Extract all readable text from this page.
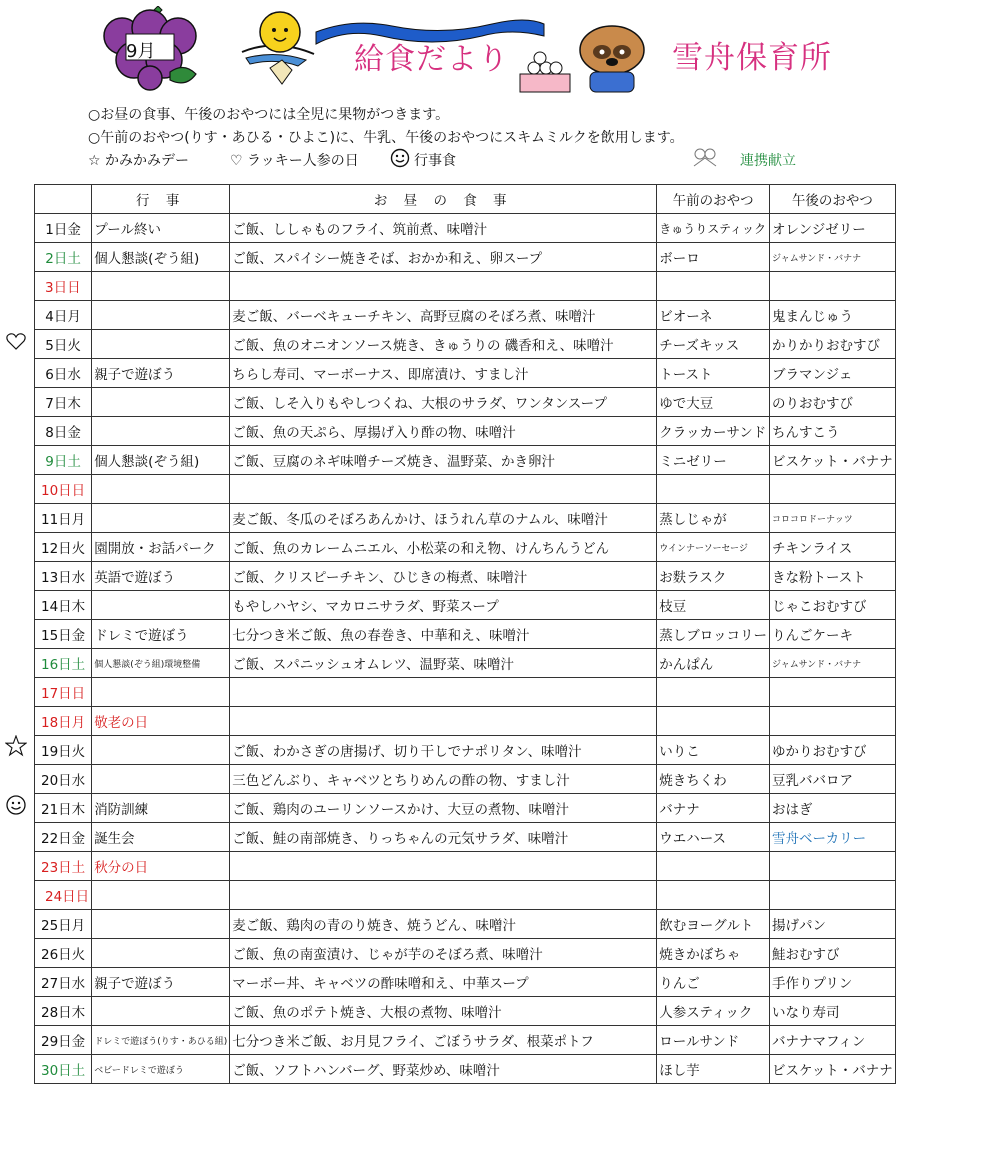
9月	給食だより	雪舟保育所
○お昼の食事、午後のおやつには全児に果物がつきます。
○午前のおやつ(りす・あひる・ひよこ)に、牛乳、午後のおやつにスキムミルクを飲用します。
☆ かみかみデー	♡ ラッキー人参の日	行事食	連携献立
	行 事	お 昼 の 食 事	午前のおやつ	午後のおやつ
1日金	プール終い	ご飯、ししゃものフライ、筑前煮、味噌汁	きゅうりスティック	オレンジゼリー
2日土	個人懇談(ぞう組)	ご飯、スパイシー焼きそば、おかか和え、卵スープ	ボーロ	ジャムサンド・バナナ
3日日				
4日月		麦ご飯、バーベキューチキン、高野豆腐のそぼろ煮、味噌汁	ビオーネ	鬼まんじゅう
5日火		ご飯、魚のオニオンソース焼き、きゅうりの 磯香和え、味噌汁	チーズキッス	かりかりおむすび
6日水	親子で遊ぼう	ちらし寿司、マーボーナス、即席漬け、すまし汁	トースト	ブラマンジェ
7日木		ご飯、しそ入りもやしつくね、大根のサラダ、ワンタンスープ	ゆで大豆	のりおむすび
8日金		ご飯、魚の天ぷら、厚揚げ入り酢の物、味噌汁	クラッカーサンド	ちんすこう
9日土	個人懇談(ぞう組)	ご飯、豆腐のネギ味噌チーズ焼き、温野菜、かき卵汁	ミニゼリー	ビスケット・バナナ
10日日				
11日月		麦ご飯、冬瓜のそぼろあんかけ、ほうれん草のナムル、味噌汁	蒸しじゃが	コロコロドーナッツ
12日火	園開放・お話パーク	ご飯、魚のカレームニエル、小松菜の和え物、けんちんうどん	ウインナーソーセージ	チキンライス
13日水	英語で遊ぼう	ご飯、クリスピーチキン、ひじきの梅煮、味噌汁	お麩ラスク	きな粉トースト
14日木		もやしハヤシ、マカロニサラダ、野菜スープ	枝豆	じゃこおむすび
15日金	ドレミで遊ぼう	七分つき米ご飯、魚の春巻き、中華和え、味噌汁	蒸しブロッコリー	りんごケーキ
16日土	個人懇談(ぞう組)環境整備	ご飯、スパニッシュオムレツ、温野菜、味噌汁	かんぱん	ジャムサンド・バナナ
17日日				
18日月	敬老の日			
19日火		ご飯、わかさぎの唐揚げ、切り干しでナポリタン、味噌汁	いりこ	ゆかりおむすび
20日水		三色どんぶり、キャベツとちりめんの酢の物、すまし汁	焼きちくわ	豆乳ババロア
21日木	消防訓練	ご飯、鶏肉のユーリンソースかけ、大豆の煮物、味噌汁	バナナ	おはぎ
22日金	誕生会	ご飯、鮭の南部焼き、りっちゃんの元気サラダ、味噌汁	ウエハース	雪舟ベーカリー
23日土	秋分の日			
24日日				
25日月		麦ご飯、鶏肉の青のり焼き、焼うどん、味噌汁	飲むヨーグルト	揚げパン
26日火		ご飯、魚の南蛮漬け、じゃが芋のそぼろ煮、味噌汁	焼きかぼちゃ	鮭おむすび
27日水	親子で遊ぼう	マーボー丼、キャベツの酢味噌和え、中華スープ	りんご	手作りプリン
28日木		ご飯、魚のポテト焼き、大根の煮物、味噌汁	人参スティック	いなり寿司
29日金	ドレミで遊ぼう(りす・あひる組)	七分つき米ご飯、お月見フライ、ごぼうサラダ、根菜ポトフ	ロールサンド	バナナマフィン
30日土	ベビードレミで遊ぼう	ご飯、ソフトハンバーグ、野菜炒め、味噌汁	ほし芋	ビスケット・バナナ
